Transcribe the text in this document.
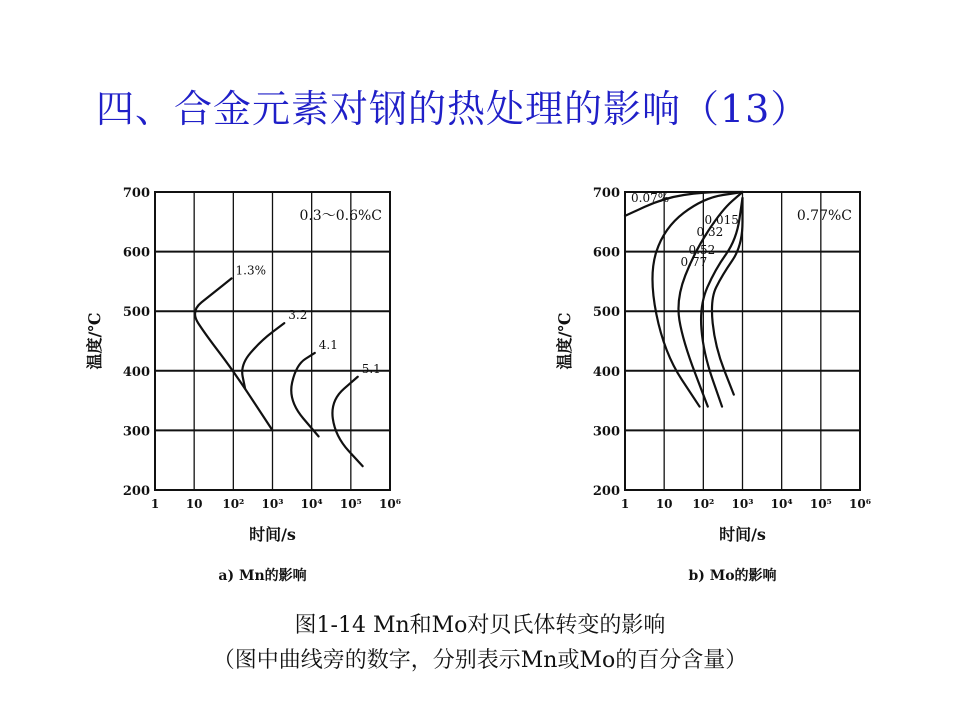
四、合金元素对钢的热处理的影响（13）
1 10 10² 10³ 10⁴ 10⁵ 10⁶
200
300
400
500
600
700
时间/s
温度/℃
a) Mn的影响
0.3～0.6%C
1.3%
3.2
4.1
5.1
1 10 10² 10³ 10⁴ 10⁵ 10⁶
200
300
400
500
600
700
时间/s
温度/℃
b) Mo的影响
0.77%C
0.07%
0.015
0.32
0.52
0.77
图1-14 Mn和Mo对贝氏体转变的影响
（图中曲线旁的数字，分别表示Mn或Mo的百分含量）
